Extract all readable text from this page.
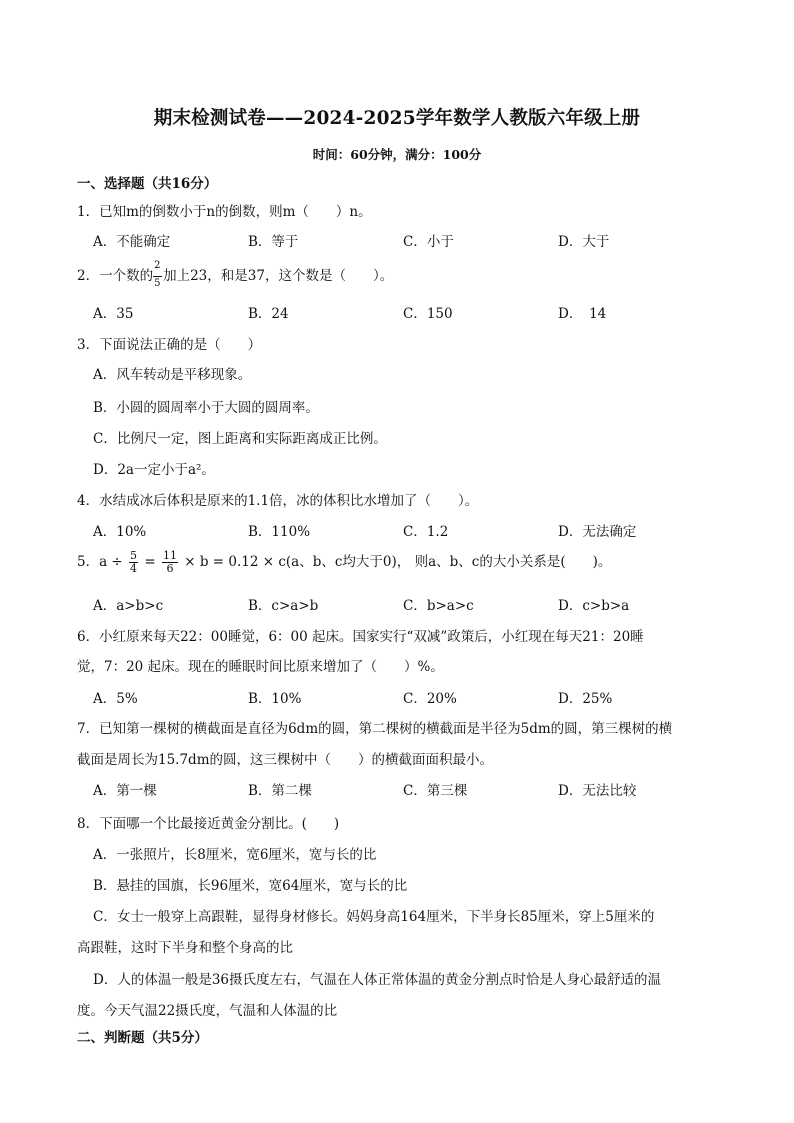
期末检测试卷——2024-2025学年数学人教版六年级上册
时间：60分钟，满分：100分
一、选择题（共16分）
1．已知m的倒数小于n的倒数，则m（　　）n。
A．不能确定	B．等于	C．小于	D．大于
2．一个数的 $\frac{2}{5}$ 加上23，和是37，这个数是（　　）。
A．35	B．24	C．150	D．　14
3．下面说法正确的是（　　）
A．风车转动是平移现象。
B．小圆的圆周率小于大圆的圆周率。
C．比例尺一定，图上距离和实际距离成正比例。
D．2a一定小于a²。
4．水结成冰后体积是原来的1.1倍，冰的体积比水增加了（　　）。
A．10%	B．110%	C．1.2	D．无法确定
5．$a \div \frac{5}{4} = \frac{11}{6} \times b = 0.12 \times c(a$、b、c均大于0)， 则a、b、c的大小关系是(　　)。
A．a>b>c	B．c>a>b	C．b>a>c	D．c>b>a
6．小红原来每天22：00睡觉，6：00 起床。国家实行“双减”政策后，小红现在每天21：20睡
觉，7：20 起床。现在的睡眠时间比原来增加了（　　）%。
A．5%	B．10%	C．20%	D．25%
7．已知第一棵树的横截面是直径为6dm的圆，第二棵树的横截面是半径为5dm的圆，第三棵树的横
截面是周长为15.7dm的圆，这三棵树中（　　）的横截面面积最小。
A．第一棵	B．第二棵	C．第三棵	D．无法比较
8．下面哪一个比最接近黄金分割比。(　　)
A．一张照片，长8厘米，宽6厘米，宽与长的比
B．悬挂的国旗，长96厘米，宽64厘米，宽与长的比
C．女士一般穿上高跟鞋，显得身材修长。妈妈身高164厘米，下半身长85厘米，穿上5厘米的
高跟鞋，这时下半身和整个身高的比
D．人的体温一般是36摄氏度左右，气温在人体正常体温的黄金分割点时恰是人身心最舒适的温
度。今天气温22摄氏度，气温和人体温的比
二、判断题（共5分）
